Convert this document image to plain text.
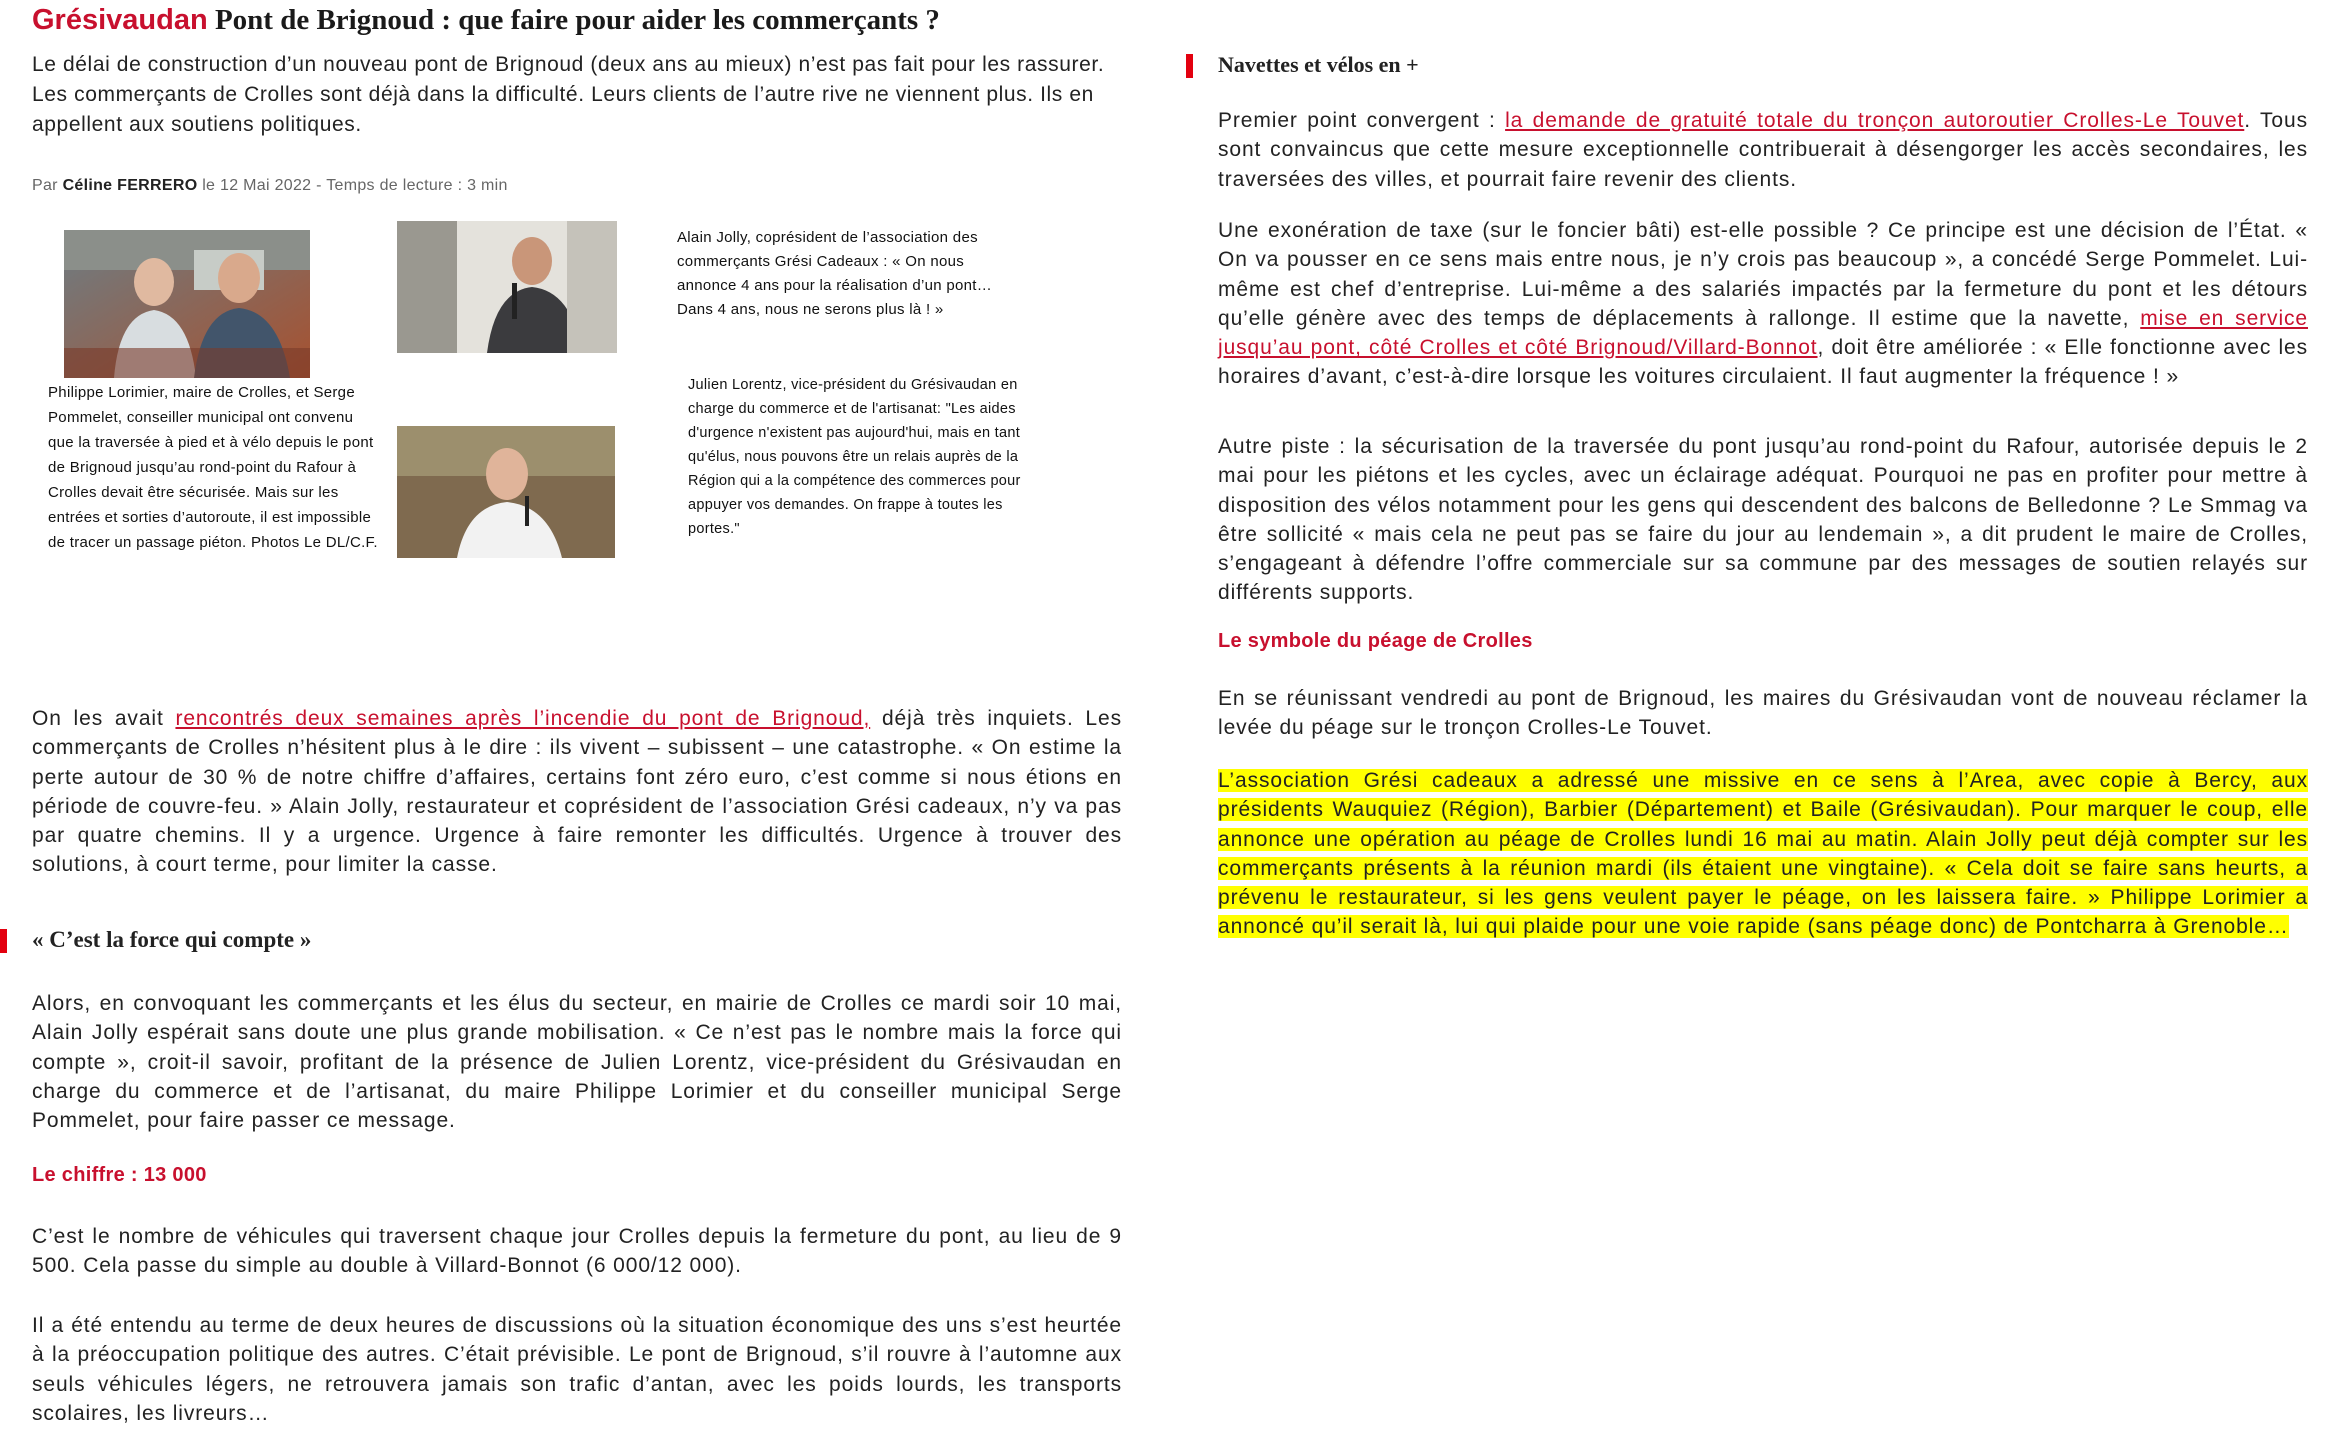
Grésivaudan Pont de Brignoud : que faire pour aider les commerçants ?
Le délai de construction d’un nouveau pont de Brignoud (deux ans au mieux) n’est pas fait pour les rassurer. Les commerçants de Crolles sont déjà dans la difficulté. Leurs clients de l’autre rive ne viennent plus. Ils en appellent aux soutiens politiques.
Par Céline FERRERO le 12 Mai 2022 - Temps de lecture : 3 min
Philippe Lorimier, maire de Crolles, et Serge Pommelet, conseiller municipal ont convenu que la traversée à pied et à vélo depuis le pont de Brignoud jusqu’au rond-point du Rafour à Crolles devait être sécurisée. Mais sur les entrées et sorties d’autoroute, il est impossible de tracer un passage piéton. Photos Le DL/C.F.
Alain Jolly, coprésident de l’association des commerçants Grési Cadeaux : « On nous annonce 4 ans pour la réalisation d’un pont… Dans 4 ans, nous ne serons plus là ! »
Julien Lorentz, vice-président du Grésivaudan en charge du commerce et de l'artisanat: "Les aides d'urgence n'existent pas aujourd'hui, mais en tant qu'élus, nous pouvons être un relais auprès de la Région qui a la compétence des commerces pour appuyer vos demandes. On frappe à toutes les portes."

On les avait rencontrés deux semaines après l’incendie du pont de Brignoud, déjà très inquiets. Les commerçants de Crolles n’hésitent plus à le dire : ils vivent – subissent – une catastrophe. « On estime la perte autour de 30 % de notre chiffre d’affaires, certains font zéro euro, c’est comme si nous étions en période de couvre-feu. » Alain Jolly, restaurateur et coprésident de l’association Grési cadeaux, n’y va pas par quatre chemins. Il y a urgence. Urgence à faire remonter les difficultés. Urgence à trouver des solutions, à court terme, pour limiter la casse.

« C’est la force qui compte »

Alors, en convoquant les commerçants et les élus du secteur, en mairie de Crolles ce mardi soir 10 mai, Alain Jolly espérait sans doute une plus grande mobilisation. « Ce n’est pas le nombre mais la force qui compte », croit-il savoir, profitant de la présence de Julien Lorentz, vice-président du Grésivaudan en charge du commerce et de l’artisanat, du maire Philippe Lorimier et du conseiller municipal Serge Pommelet, pour faire passer ce message.

Le chiffre : 13 000

C’est le nombre de véhicules qui traversent chaque jour Crolles depuis la fermeture du pont, au lieu de 9 500. Cela passe du simple au double à Villard-Bonnot (6 000/12 000).

Il a été entendu au terme de deux heures de discussions où la situation économique des uns s’est heurtée à la préoccupation politique des autres. C’était prévisible. Le pont de Brignoud, s’il rouvre à l’automne aux seuls véhicules légers, ne retrouvera jamais son trafic d’antan, avec les poids lourds, les transports scolaires, les livreurs…

Navettes et vélos en +

Premier point convergent : la demande de gratuité totale du tronçon autoroutier Crolles-Le Touvet. Tous sont convaincus que cette mesure exceptionnelle contribuerait à désengorger les accès secondaires, les traversées des villes, et pourrait faire revenir des clients.

Une exonération de taxe (sur le foncier bâti) est-elle possible ? Ce principe est une décision de l’État. « On va pousser en ce sens mais entre nous, je n’y crois pas beaucoup », a concédé Serge Pommelet. Lui-même est chef d’entreprise. Lui-même a des salariés impactés par la fermeture du pont et les détours qu’elle génère avec des temps de déplacements à rallonge. Il estime que la navette, mise en service jusqu’au pont, côté Crolles et côté Brignoud/Villard-Bonnot, doit être améliorée : « Elle fonctionne avec les horaires d’avant, c’est-à-dire lorsque les voitures circulaient. Il faut augmenter la fréquence ! »

Autre piste : la sécurisation de la traversée du pont jusqu’au rond-point du Rafour, autorisée depuis le 2 mai pour les piétons et les cycles, avec un éclairage adéquat. Pourquoi ne pas en profiter pour mettre à disposition des vélos notamment pour les gens qui descendent des balcons de Belledonne ? Le Smmag va être sollicité « mais cela ne peut pas se faire du jour au lendemain », a dit prudent le maire de Crolles, s’engageant à défendre l’offre commerciale sur sa commune par des messages de soutien relayés sur différents supports.

Le symbole du péage de Crolles

En se réunissant vendredi au pont de Brignoud, les maires du Grésivaudan vont de nouveau réclamer la levée du péage sur le tronçon Crolles-Le Touvet.

L’association Grési cadeaux a adressé une missive en ce sens à l’Area, avec copie à Bercy, aux présidents Wauquiez (Région), Barbier (Département) et Baile (Grésivaudan). Pour marquer le coup, elle annonce une opération au péage de Crolles lundi 16 mai au matin. Alain Jolly peut déjà compter sur les commerçants présents à la réunion mardi (ils étaient une vingtaine). « Cela doit se faire sans heurts, a prévenu le restaurateur, si les gens veulent payer le péage, on les laissera faire. » Philippe Lorimier a annoncé qu’il serait là, lui qui plaide pour une voie rapide (sans péage donc) de Pontcharra à Grenoble…
